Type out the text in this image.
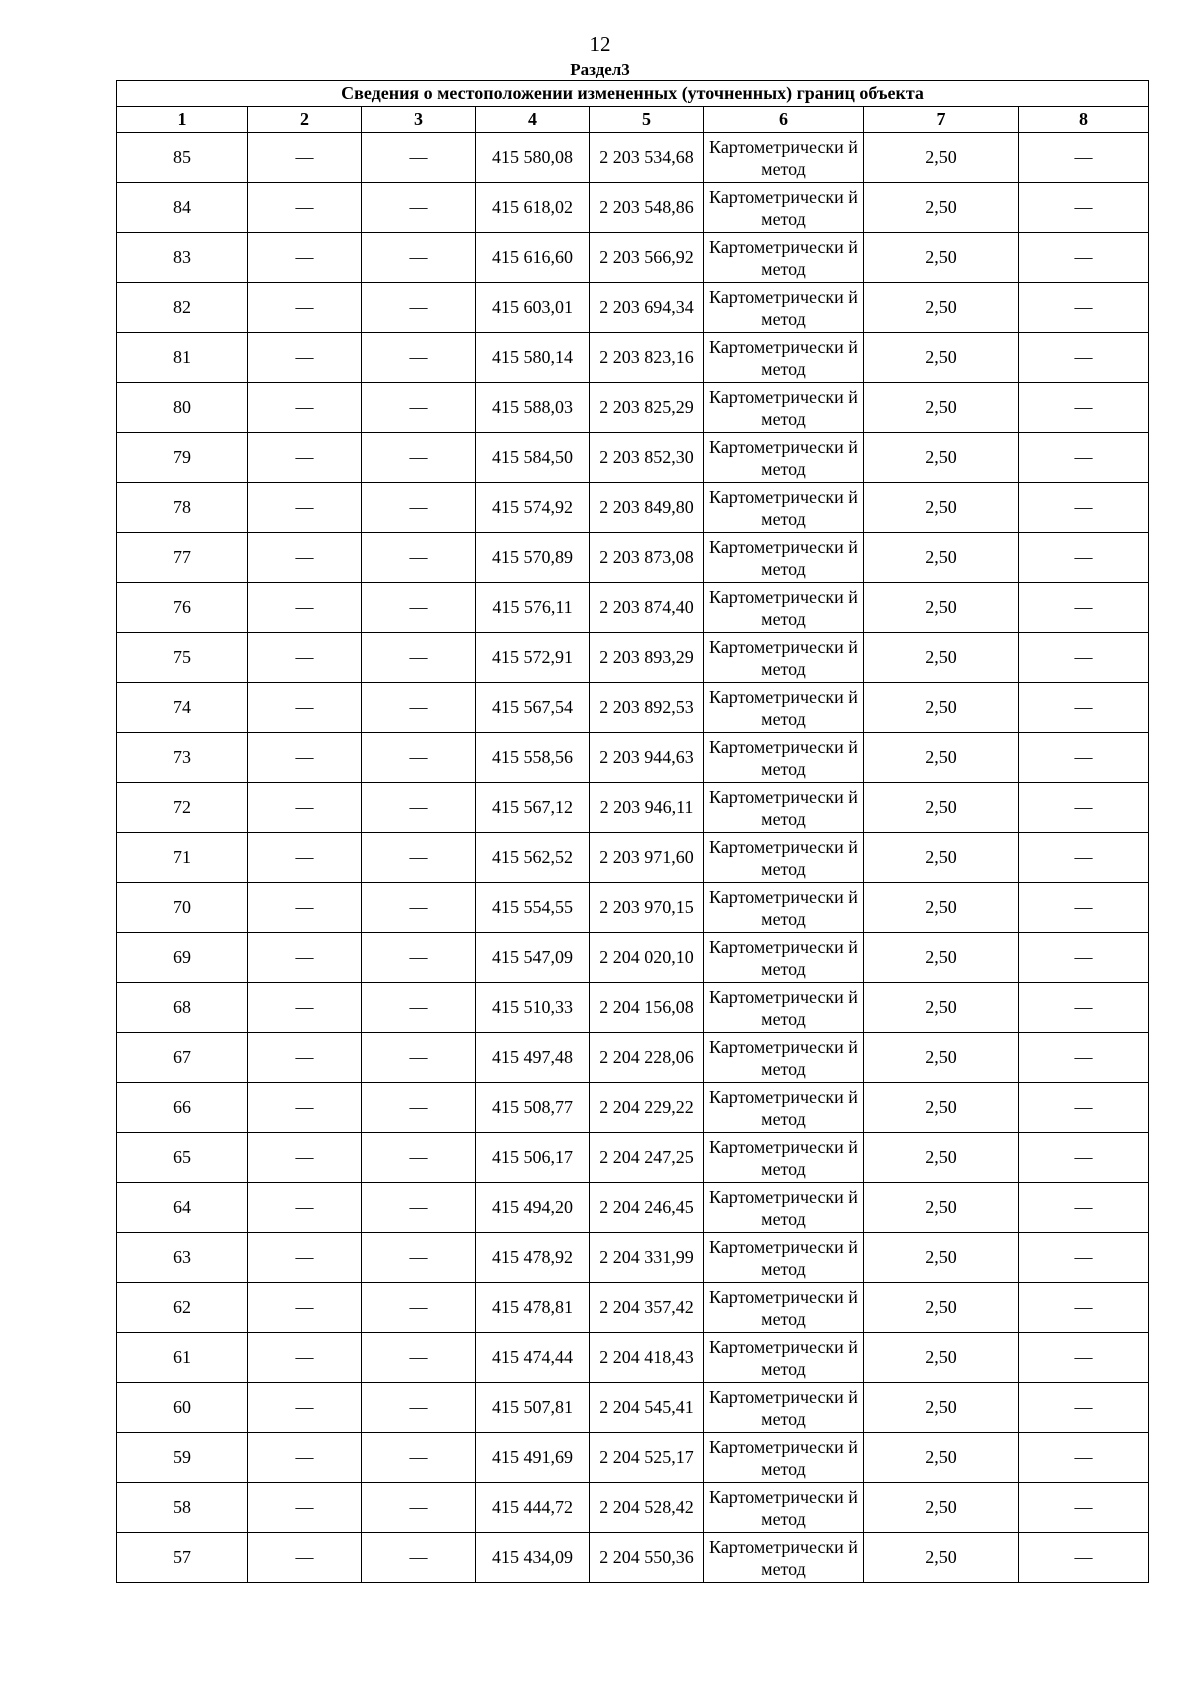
12
Раздел3
Сведения о местоположении измененных (уточненных) границ объекта							
1	2	3	4	5	6	7	8
85	—	—	415 580,08	2 203 534,68	Картометрически й метод	2,50	—
84	—	—	415 618,02	2 203 548,86	Картометрически й метод	2,50	—
83	—	—	415 616,60	2 203 566,92	Картометрически й метод	2,50	—
82	—	—	415 603,01	2 203 694,34	Картометрически й метод	2,50	—
81	—	—	415 580,14	2 203 823,16	Картометрически й метод	2,50	—
80	—	—	415 588,03	2 203 825,29	Картометрически й метод	2,50	—
79	—	—	415 584,50	2 203 852,30	Картометрически й метод	2,50	—
78	—	—	415 574,92	2 203 849,80	Картометрически й метод	2,50	—
77	—	—	415 570,89	2 203 873,08	Картометрически й метод	2,50	—
76	—	—	415 576,11	2 203 874,40	Картометрически й метод	2,50	—
75	—	—	415 572,91	2 203 893,29	Картометрически й метод	2,50	—
74	—	—	415 567,54	2 203 892,53	Картометрически й метод	2,50	—
73	—	—	415 558,56	2 203 944,63	Картометрически й метод	2,50	—
72	—	—	415 567,12	2 203 946,11	Картометрически й метод	2,50	—
71	—	—	415 562,52	2 203 971,60	Картометрически й метод	2,50	—
70	—	—	415 554,55	2 203 970,15	Картометрически й метод	2,50	—
69	—	—	415 547,09	2 204 020,10	Картометрически й метод	2,50	—
68	—	—	415 510,33	2 204 156,08	Картометрически й метод	2,50	—
67	—	—	415 497,48	2 204 228,06	Картометрически й метод	2,50	—
66	—	—	415 508,77	2 204 229,22	Картометрически й метод	2,50	—
65	—	—	415 506,17	2 204 247,25	Картометрически й метод	2,50	—
64	—	—	415 494,20	2 204 246,45	Картометрически й метод	2,50	—
63	—	—	415 478,92	2 204 331,99	Картометрически й метод	2,50	—
62	—	—	415 478,81	2 204 357,42	Картометрически й метод	2,50	—
61	—	—	415 474,44	2 204 418,43	Картометрически й метод	2,50	—
60	—	—	415 507,81	2 204 545,41	Картометрически й метод	2,50	—
59	—	—	415 491,69	2 204 525,17	Картометрически й метод	2,50	—
58	—	—	415 444,72	2 204 528,42	Картометрически й метод	2,50	—
57	—	—	415 434,09	2 204 550,36	Картометрически й метод	2,50	—
